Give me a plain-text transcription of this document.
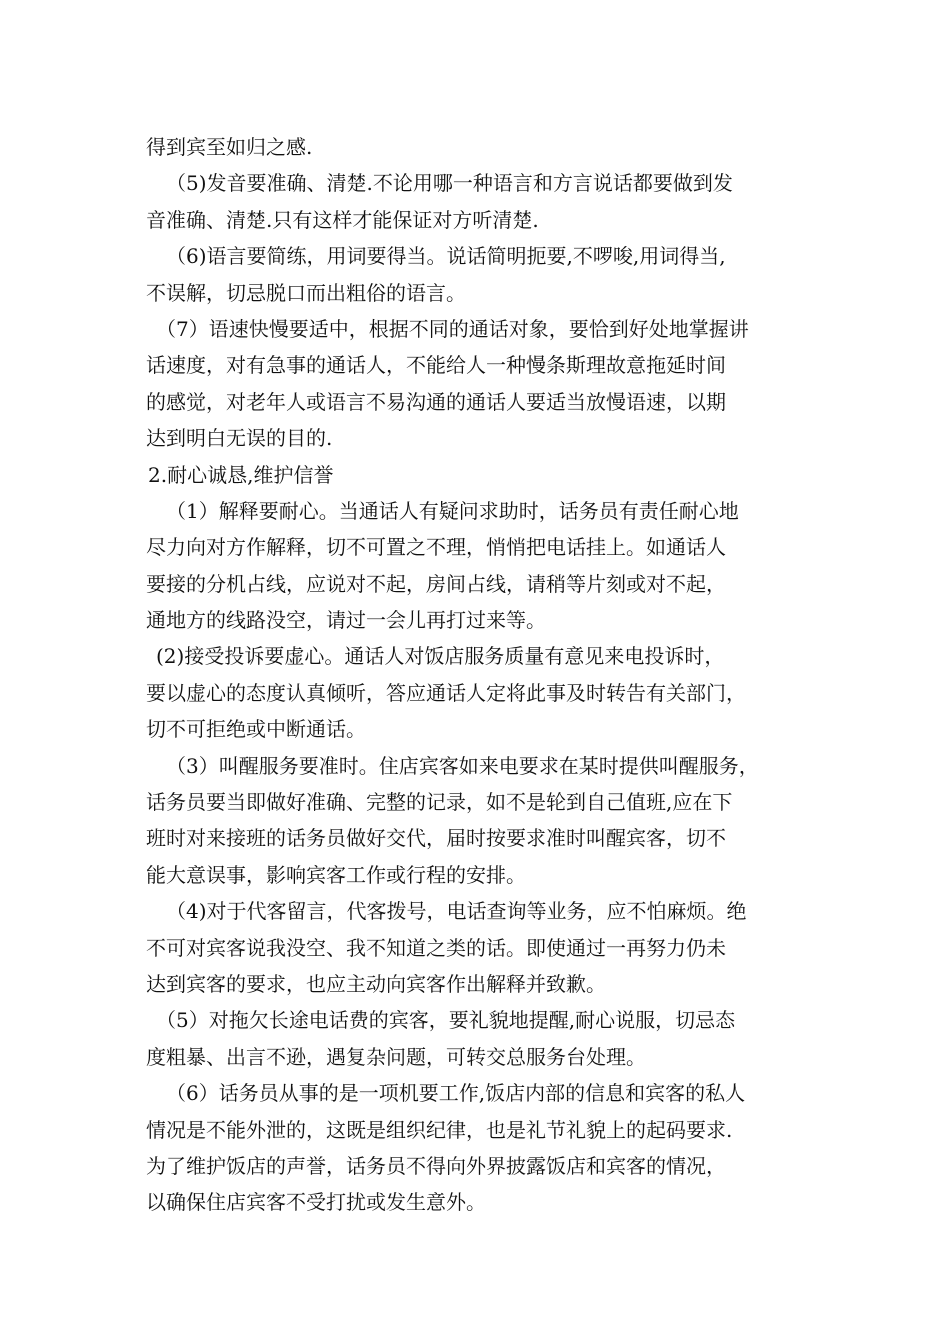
得到宾至如归之感.

（5)发音要准确、清楚.不论用哪一种语言和方言说话都要做到发

音准确、清楚.只有这样才能保证对方听清楚.

（6)语言要简练，用词要得当。说话简明扼要,不啰唆,用词得当,

不误解，切忌脱口而出粗俗的语言。

（7）语速快慢要适中，根据不同的通话对象，要恰到好处地掌握讲

话速度，对有急事的通话人，不能给人一种慢条斯理故意拖延时间

的感觉，对老年人或语言不易沟通的通话人要适当放慢语速，以期

达到明白无误的目的.

2.耐心诚恳,维护信誉

（1）解释要耐心。当通话人有疑问求助时，话务员有责任耐心地

尽力向对方作解释，切不可置之不理，悄悄把电话挂上。如通话人

要接的分机占线，应说对不起，房间占线，请稍等片刻或对不起，

通地方的线路没空，请过一会儿再打过来等。

(2)接受投诉要虚心。通话人对饭店服务质量有意见来电投诉时，

要以虚心的态度认真倾听，答应通话人定将此事及时转告有关部门，

切不可拒绝或中断通话。

（3）叫醒服务要准时。住店宾客如来电要求在某时提供叫醒服务，

话务员要当即做好准确、完整的记录，如不是轮到自己值班,应在下

班时对来接班的话务员做好交代，届时按要求准时叫醒宾客，切不

能大意误事，影响宾客工作或行程的安排。

（4)对于代客留言，代客拨号，电话查询等业务，应不怕麻烦。绝

不可对宾客说我没空、我不知道之类的话。即使通过一再努力仍未

达到宾客的要求，也应主动向宾客作出解释并致歉。

（5）对拖欠长途电话费的宾客，要礼貌地提醒,耐心说服，切忌态

度粗暴、出言不逊，遇复杂问题，可转交总服务台处理。

（6）话务员从事的是一项机要工作,饭店内部的信息和宾客的私人

情况是不能外泄的，这既是组织纪律，也是礼节礼貌上的起码要求.

为了维护饭店的声誉，话务员不得向外界披露饭店和宾客的情况，

以确保住店宾客不受打扰或发生意外。
